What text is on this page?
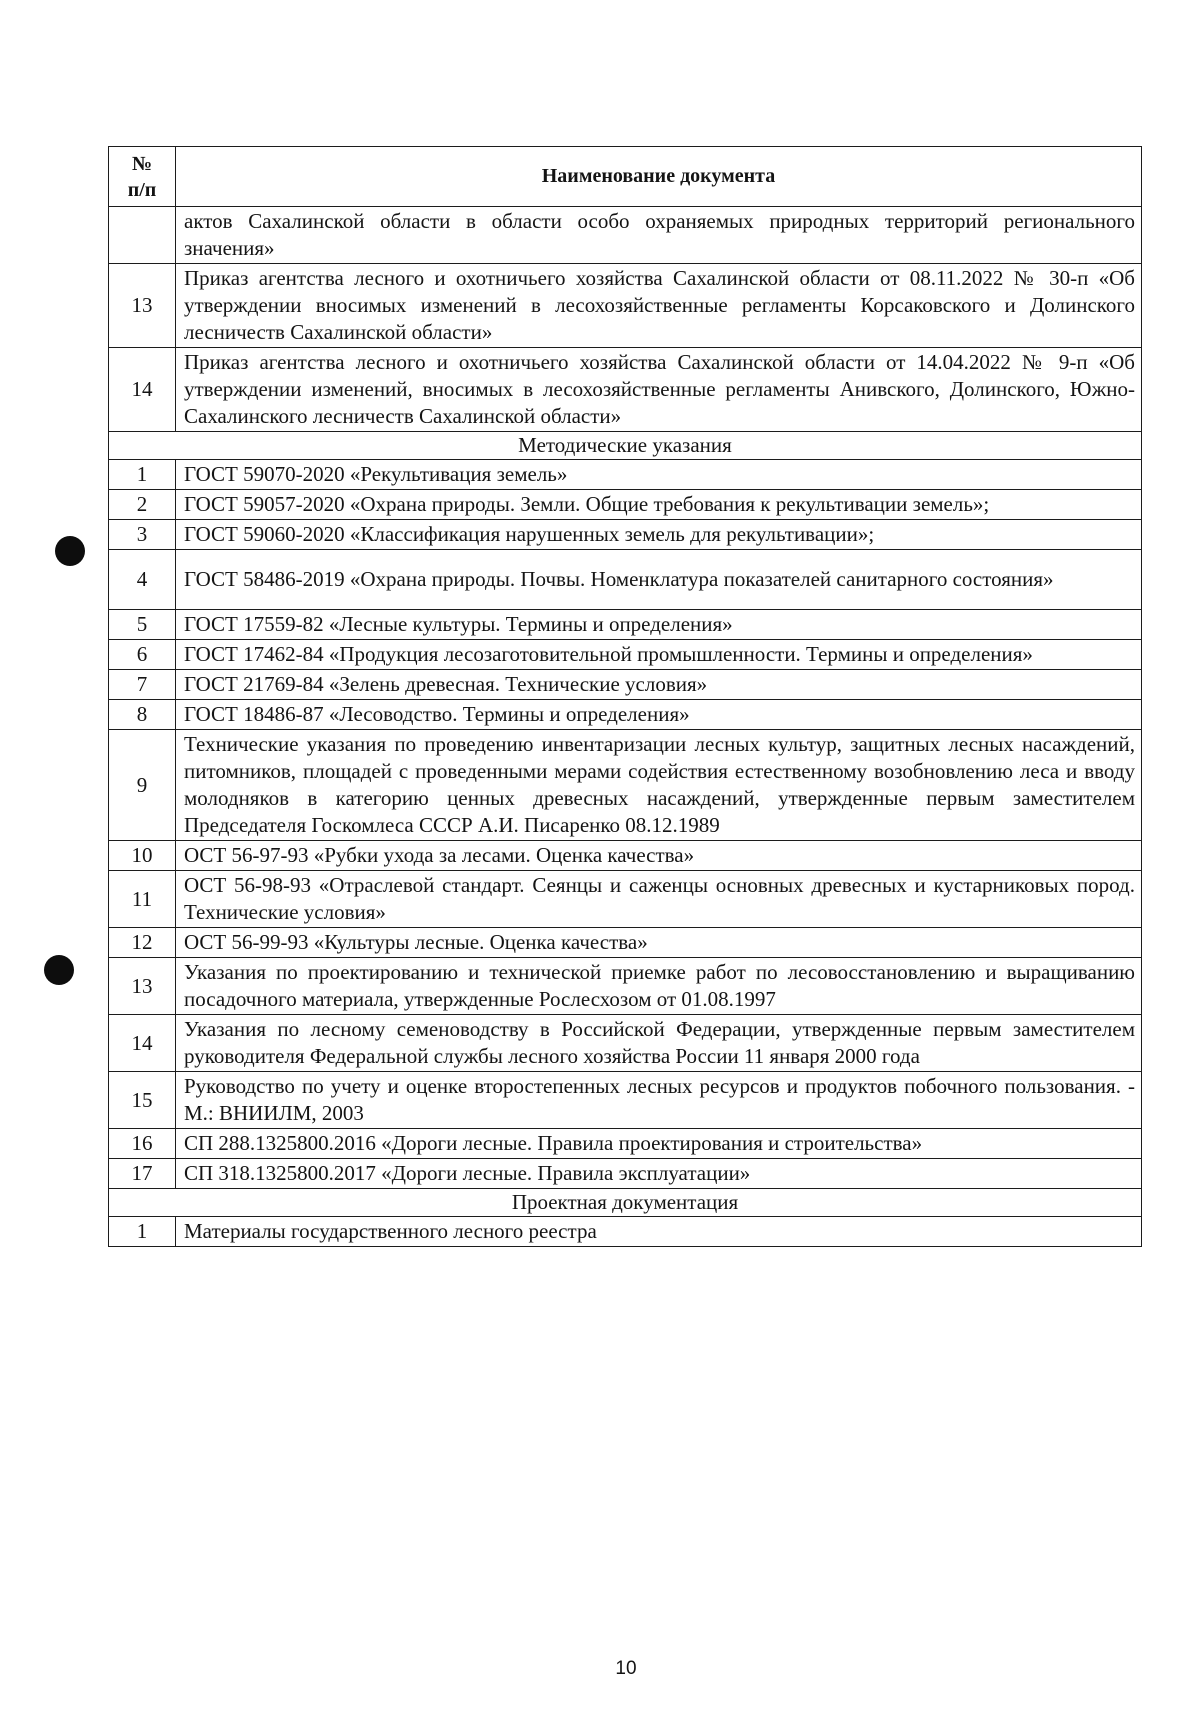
№
п/п	Наименование документа
	актов Сахалинской области в области особо охраняемых природных территорий регионального значения»
13	Приказ агентства лесного и охотничьего хозяйства Сахалинской области от 08.11.2022 № 30-п «Об утверждении вносимых изменений в лесохозяйственные регламенты Корсаковского и Долинского лесничеств Сахалинской области»
14	Приказ агентства лесного и охотничьего хозяйства Сахалинской области от 14.04.2022 № 9-п «Об утверждении изменений, вносимых в лесохозяйственные регламенты Анивского, Долинского, Южно-Сахалинского лесничеств Сахалинской области»
Методические указания	
1	ГОСТ 59070-2020 «Рекультивация земель»
2	ГОСТ 59057-2020 «Охрана природы. Земли. Общие требования к рекультивации земель»;
3	ГОСТ 59060-2020 «Классификация нарушенных земель для рекультивации»;
4	ГОСТ 58486-2019 «Охрана природы. Почвы. Номенклатура показателей санитарного состояния»
5	ГОСТ 17559-82 «Лесные культуры. Термины и определения»
6	ГОСТ 17462-84 «Продукция лесозаготовительной промышленности. Термины и определения»
7	ГОСТ 21769-84 «Зелень древесная. Технические условия»
8	ГОСТ 18486-87 «Лесоводство. Термины и определения»
9	Технические указания по проведению инвентаризации лесных культур, защитных лесных насаждений, питомников, площадей с проведенными мерами содействия естественному возобновлению леса и вводу молодняков в категорию ценных древесных насаждений, утвержденные первым заместителем Председателя Госкомлеса СССР А.И. Писаренко 08.12.1989
10	ОСТ 56-97-93 «Рубки ухода за лесами. Оценка качества»
11	ОСТ 56-98-93 «Отраслевой стандарт. Сеянцы и саженцы основных древесных и кустарниковых пород. Технические условия»
12	ОСТ 56-99-93 «Культуры лесные. Оценка качества»
13	Указания по проектированию и технической приемке работ по лесовосстановлению и выращиванию посадочного материала, утвержденные Рослесхозом от 01.08.1997
14	Указания по лесному семеноводству в Российской Федерации, утвержденные первым заместителем руководителя Федеральной службы лесного хозяйства России 11 января 2000 года
15	Руководство по учету и оценке второстепенных лесных ресурсов и продуктов побочного пользования. - М.: ВНИИЛМ, 2003
16	СП 288.1325800.2016 «Дороги лесные. Правила проектирования и строительства»
17	СП 318.1325800.2017 «Дороги лесные. Правила эксплуатации»
Проектная документация	
1	Материалы государственного лесного реестра
10
